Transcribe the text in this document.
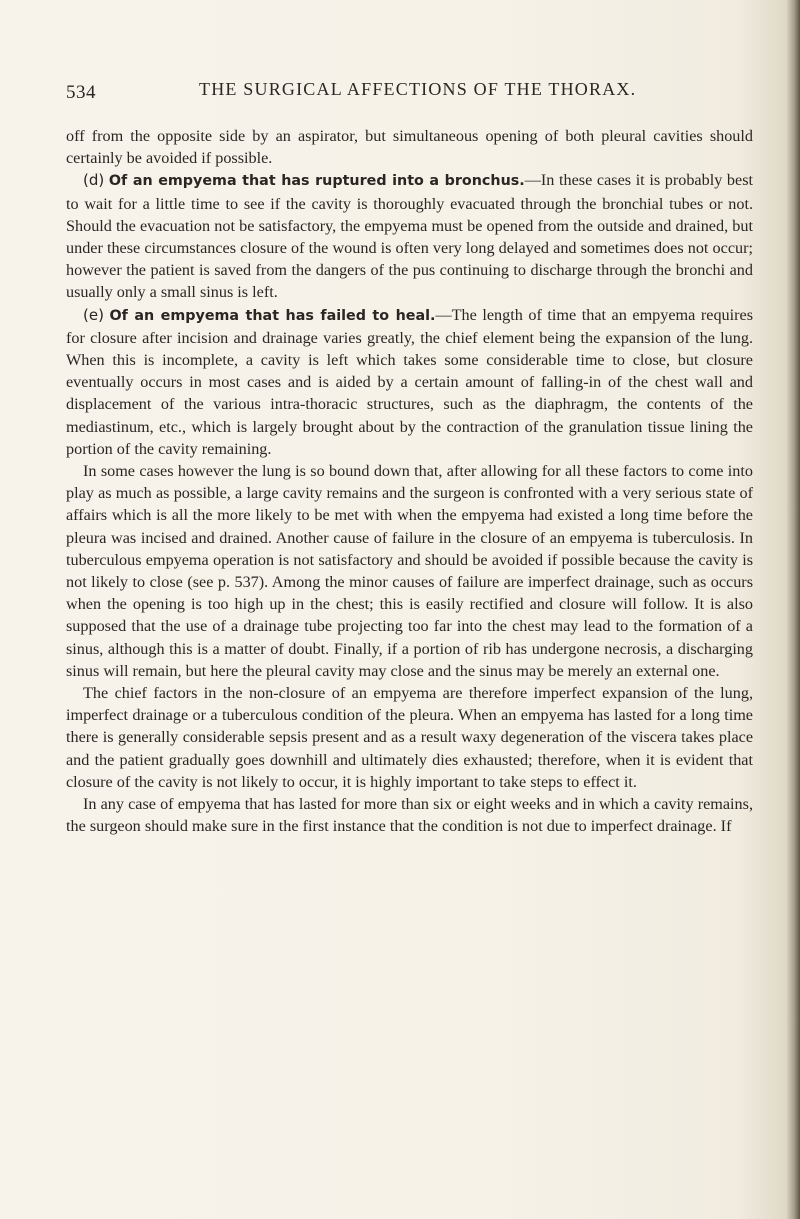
534	THE SURGICAL AFFECTIONS OF THE THORAX.

off from the opposite side by an aspirator, but simultaneous opening of both pleural cavities should certainly be avoided if possible.

(d) Of an empyema that has ruptured into a bronchus.—In these cases it is probably best to wait for a little time to see if the cavity is thoroughly evacuated through the bronchial tubes or not. Should the evacuation not be satisfactory, the empyema must be opened from the outside and drained, but under these circumstances closure of the wound is often very long delayed and sometimes does not occur; however the patient is saved from the dangers of the pus continuing to discharge through the bronchi and usually only a small sinus is left.

(e) Of an empyema that has failed to heal.—The length of time that an empyema requires for closure after incision and drainage varies greatly, the chief element being the expansion of the lung. When this is incomplete, a cavity is left which takes some considerable time to close, but closure eventually occurs in most cases and is aided by a certain amount of falling-in of the chest wall and displacement of the various intra-thoracic structures, such as the diaphragm, the contents of the mediastinum, etc., which is largely brought about by the contraction of the granulation tissue lining the portion of the cavity remaining.

In some cases however the lung is so bound down that, after allowing for all these factors to come into play as much as possible, a large cavity remains and the surgeon is confronted with a very serious state of affairs which is all the more likely to be met with when the empyema had existed a long time before the pleura was incised and drained. Another cause of failure in the closure of an empyema is tuberculosis. In tuberculous empyema operation is not satisfactory and should be avoided if possible because the cavity is not likely to close (see p. 537). Among the minor causes of failure are imperfect drainage, such as occurs when the opening is too high up in the chest; this is easily rectified and closure will follow. It is also supposed that the use of a drainage tube projecting too far into the chest may lead to the formation of a sinus, although this is a matter of doubt. Finally, if a portion of rib has undergone necrosis, a discharging sinus will remain, but here the pleural cavity may close and the sinus may be merely an external one.

The chief factors in the non-closure of an empyema are therefore imperfect expansion of the lung, imperfect drainage or a tuberculous condition of the pleura. When an empyema has lasted for a long time there is generally considerable sepsis present and as a result waxy degeneration of the viscera takes place and the patient gradually goes downhill and ultimately dies exhausted; therefore, when it is evident that closure of the cavity is not likely to occur, it is highly important to take steps to effect it.

In any case of empyema that has lasted for more than six or eight weeks and in which a cavity remains, the surgeon should make sure in the first instance that the condition is not due to imperfect drainage. If
